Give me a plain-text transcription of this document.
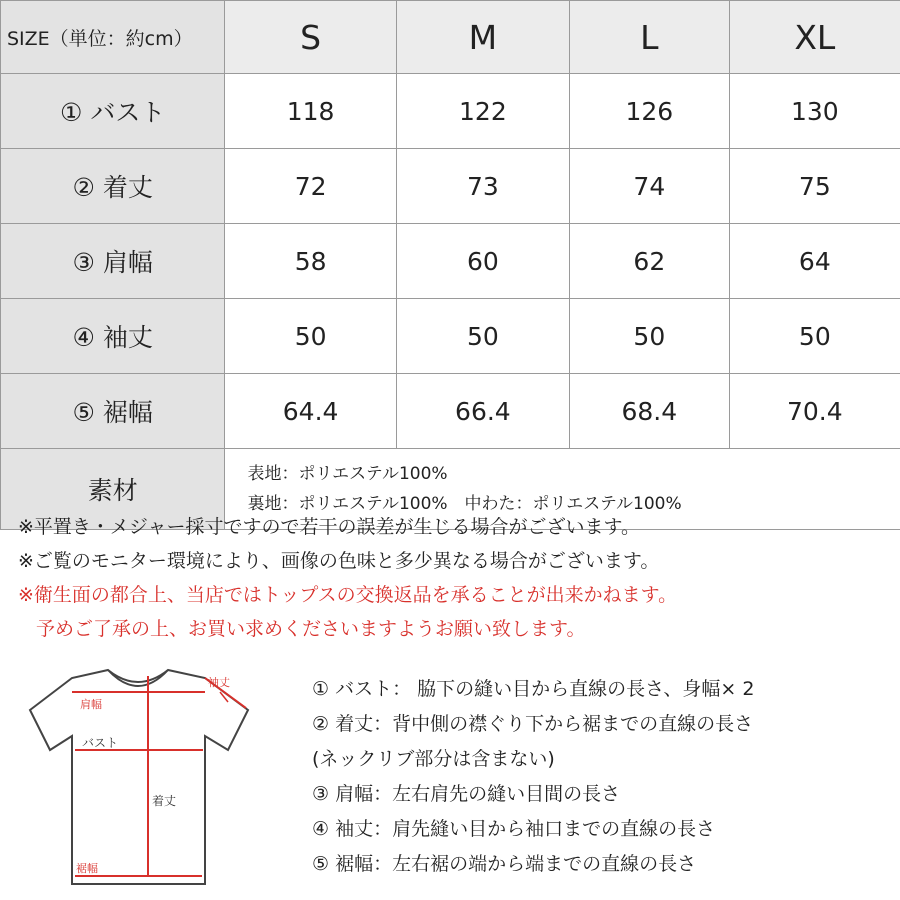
SIZE（単位：約cm）	S	M	L	XL
① バスト	118	122	126	130
② 着丈	72	73	74	75
③ 肩幅	58	60	62	64
④ 袖丈	50	50	50	50
⑤ 裾幅	64.4	66.4	68.4	70.4
素材	表地：ポリエステル100%
裏地：ポリエステル100%　中わた：ポリエステル100%			
※平置き・メジャー採寸ですので若干の誤差が生じる場合がございます。
※ご覧のモニター環境により、画像の色味と多少異なる場合がございます。
※衛生面の都合上、当店ではトップスの交換返品を承ることが出来かねます。
予めご了承の上、お買い求めくださいますようお願い致します。
袖丈
肩幅
バスト
着丈
裾幅
① バスト： 脇下の縫い目から直線の長さ、身幅× 2
② 着丈：背中側の襟ぐり下から裾までの直線の長さ
(ネックリブ部分は含まない)
③ 肩幅：左右肩先の縫い目間の長さ
④ 袖丈：肩先縫い目から袖口までの直線の長さ
⑤ 裾幅：左右裾の端から端までの直線の長さ
